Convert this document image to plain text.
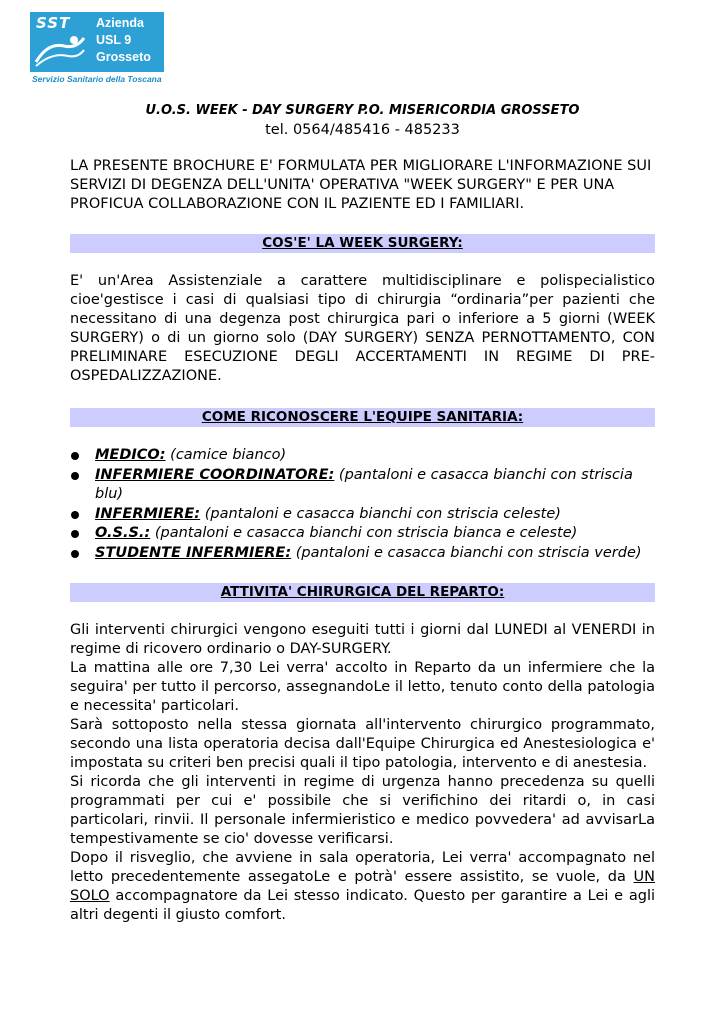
SST Azienda
USL 9
Grosseto
Servizio Sanitario della Toscana
U.O.S. WEEK - DAY SURGERY P.O. MISERICORDIA GROSSETO
tel. 0564/485416 - 485233
LA PRESENTE BROCHURE E' FORMULATA PER MIGLIORARE L'INFORMAZIONE SUI SERVIZI DI DEGENZA DELL'UNITA' OPERATIVA "WEEK SURGERY" E PER UNA PROFICUA COLLABORAZIONE CON IL PAZIENTE ED I FAMILIARI.
COS'E' LA WEEK SURGERY:
E' un'Area Assistenziale a carattere multidisciplinare e polispecialistico cioe'gestisce i casi di qualsiasi tipo di chirurgia “ordinaria”per pazienti che necessitano di una degenza post chirurgica pari o inferiore a 5 giorni (WEEK SURGERY) o di un giorno solo (DAY SURGERY) SENZA PERNOTTAMENTO, CON PRELIMINARE ESECUZIONE DEGLI ACCERTAMENTI IN REGIME DI PRE-OSPEDALIZZAZIONE.
COME RICONOSCERE L'EQUIPE SANITARIA:
MEDICO: (camice bianco)
INFERMIERE COORDINATORE: (pantaloni e casacca bianchi con striscia blu)
INFERMIERE: (pantaloni e casacca bianchi con striscia celeste)
O.S.S.: (pantaloni e casacca bianchi con striscia bianca e celeste)
STUDENTE INFERMIERE: (pantaloni e casacca bianchi con striscia verde)
ATTIVITA' CHIRURGICA DEL REPARTO:

Gli interventi chirurgici vengono eseguiti tutti i giorni dal LUNEDI al VENERDI in regime di ricovero ordinario o DAY-SURGERY.

La mattina alle ore 7,30 Lei verra' accolto in Reparto da un infermiere che la seguira' per tutto il percorso, assegnandoLe il letto, tenuto conto della patologia e necessita' particolari.

Sarà sottoposto nella stessa giornata all'intervento chirurgico programmato, secondo una lista operatoria decisa dall'Equipe Chirurgica ed Anestesiologica e' impostata su criteri ben precisi quali il tipo patologia, intervento e di anestesia.

Si ricorda che gli interventi in regime di urgenza hanno precedenza su quelli programmati per cui e' possibile che si verifichino dei ritardi o, in casi particolari, rinvii. Il personale infermieristico e medico povvedera' ad avvisarLa tempestivamente se cio' dovesse verificarsi.

Dopo il risveglio, che avviene in sala operatoria, Lei verra' accompagnato nel letto precedentemente assegatoLe e potrà' essere assistito, se vuole, da UN SOLO accompagnatore da Lei stesso indicato. Questo per garantire a Lei e agli altri degenti il giusto comfort.
